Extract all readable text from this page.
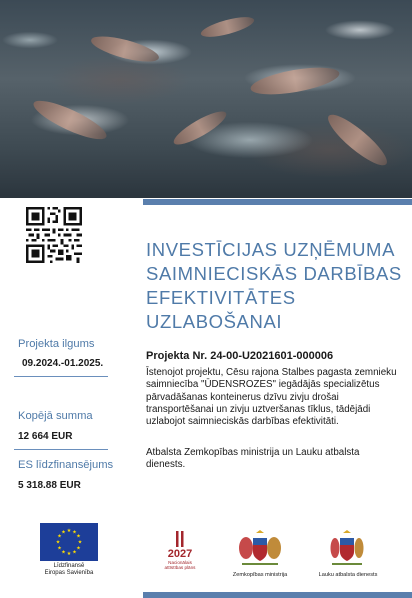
INVESTĪCIJAS UZŅĒMUMA
SAIMNIECISKĀS DARBĪBAS
EFEKTIVITĀTES
UZLABOŠANAI
Projekta Nr. 24-00-U2021601-000006
Īstenojot projektu, Cēsu rajona Stalbes pagasta zemnieku saimniecība "ŪDENSROZES" iegādājās specializētus pārvadāšanas konteinerus dzīvu zivju drošai transportēšanai un zivju uztveršanas tīklus, tādējādi uzlabojot saimnieciskās darbības efektivitāti.
Atbalsta Zemkopības ministrija un Lauku atbalsta dienests.
Projekta ilgums
09.2024.-01.2025.
Kopējā summa
12 664 EUR
ES līdzfinansējums
5 318.88 EUR
★ ★
★
★
★
★
★
★
★
★
★
★
Līdzfinansē
Eiropas Savienība
2027
Nacionālais
attīstības plāns
Zemkopības ministrija	Lauku atbalsta dienests
